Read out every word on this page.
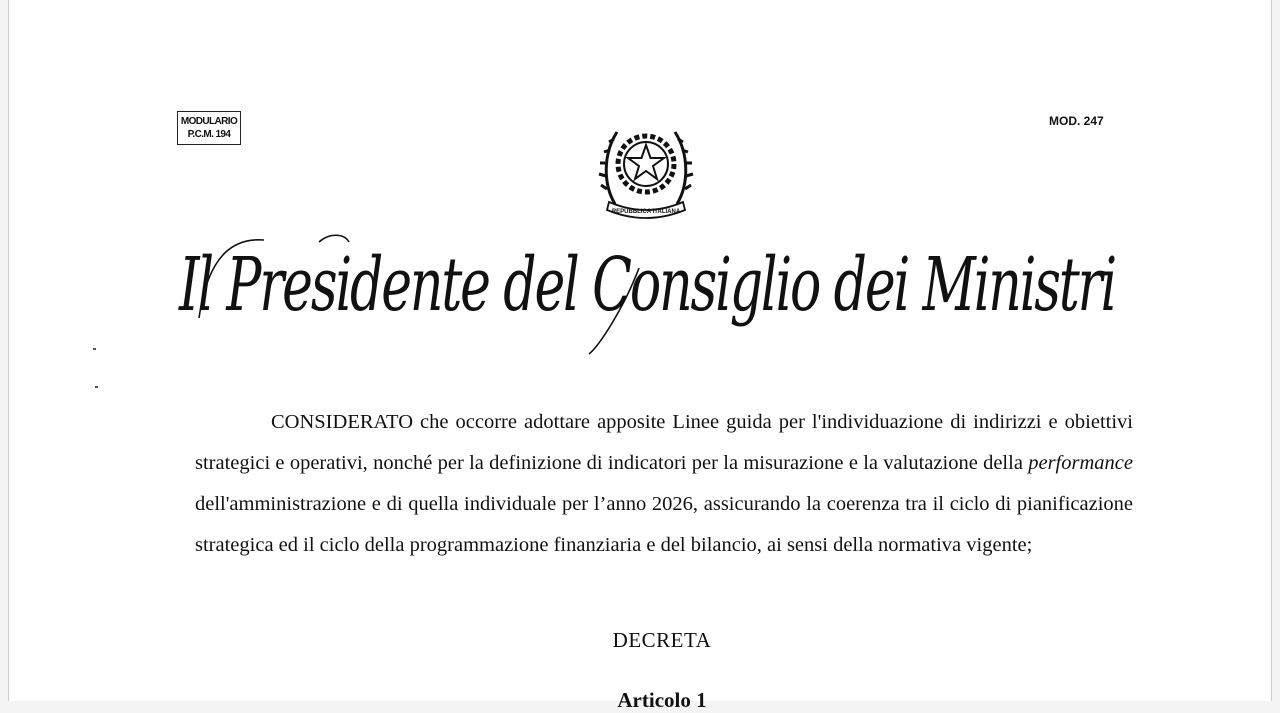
MODULARIO
P.C.M. 194
MOD. 247
REPUBBLICA ITALIANA
Il Presidente del Consiglio dei Ministri

CONSIDERATO che occorre adottare apposite Linee guida per l'individuazione di indirizzi e obiettivi strategici e operativi, nonché per la definizione di indicatori per la misurazione e la valutazione della performance dell'amministrazione e di quella individuale per l’anno 2026, assicurando la coerenza tra il ciclo di pianificazione strategica ed il ciclo della programmazione finanziaria e del bilancio, ai sensi della normativa vigente;

DECRETA
Articolo 1
